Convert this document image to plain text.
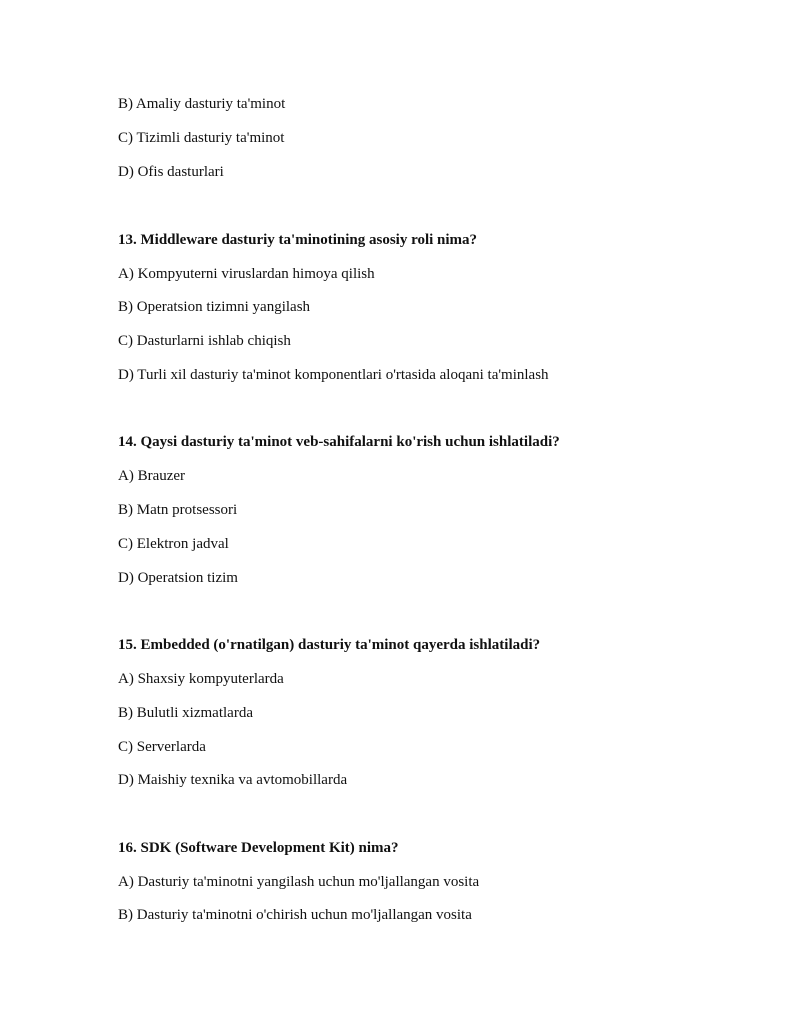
B) Amaliy dasturiy ta'minot
C) Tizimli dasturiy ta'minot
D) Ofis dasturlari
13. Middleware dasturiy ta'minotining asosiy roli nima?
A) Kompyuterni viruslardan himoya qilish
B) Operatsion tizimni yangilash
C) Dasturlarni ishlab chiqish
D) Turli xil dasturiy ta'minot komponentlari o'rtasida aloqani ta'minlash
14. Qaysi dasturiy ta'minot veb-sahifalarni ko'rish uchun ishlatiladi?
A) Brauzer
B) Matn protsessori
C) Elektron jadval
D) Operatsion tizim
15. Embedded (o'rnatilgan) dasturiy ta'minot qayerda ishlatiladi?
A) Shaxsiy kompyuterlarda
B) Bulutli xizmatlarda
C) Serverlarda
D) Maishiy texnika va avtomobillarda
16. SDK (Software Development Kit) nima?
A) Dasturiy ta'minotni yangilash uchun mo'ljallangan vosita
B) Dasturiy ta'minotni o'chirish uchun mo'ljallangan vosita
